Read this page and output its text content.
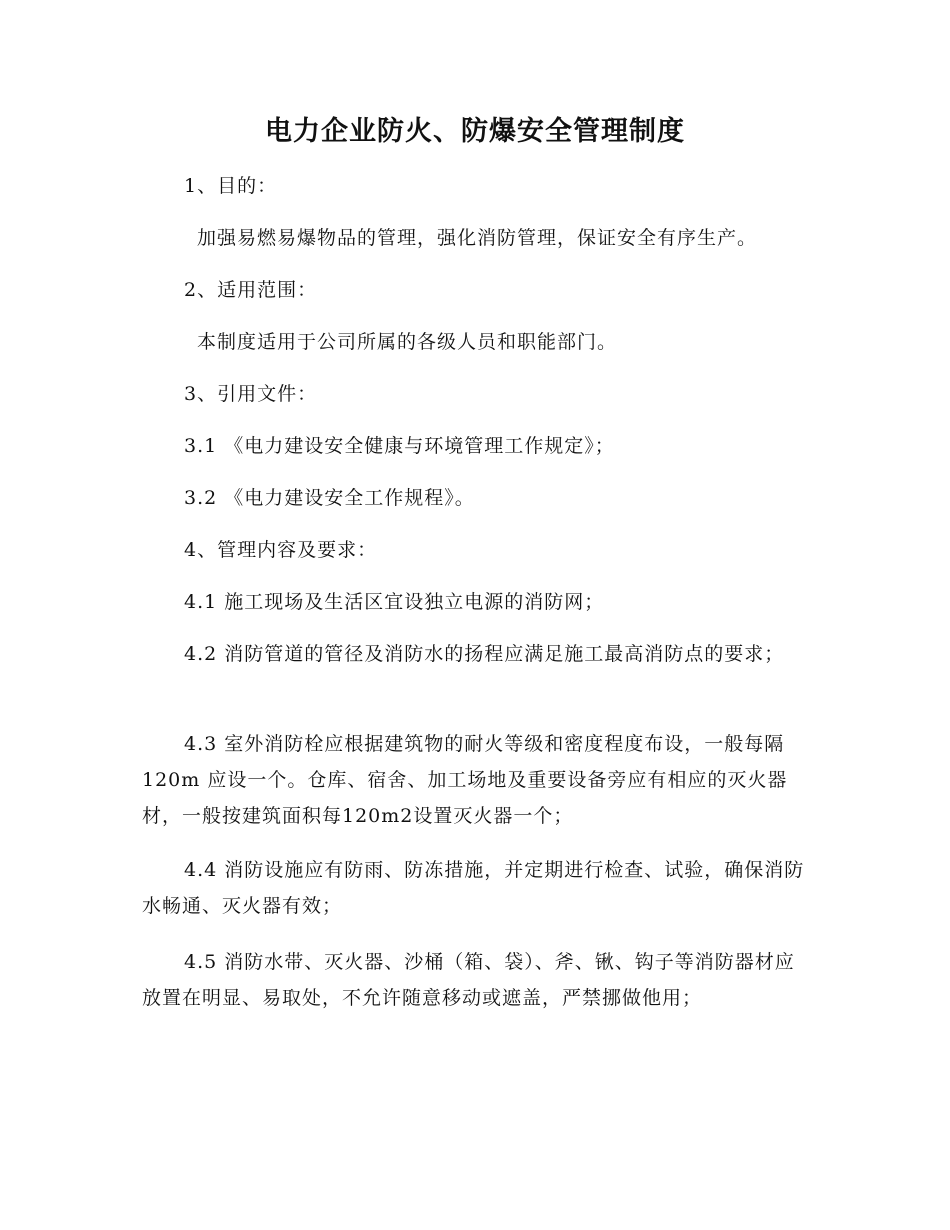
电力企业防火、防爆安全管理制度

1、目的：

加强易燃易爆物品的管理，强化消防管理，保证安全有序生产。

2、适用范围：

本制度适用于公司所属的各级人员和职能部门。

3、引用文件：

3.1 《电力建设安全健康与环境管理工作规定》；

3.2 《电力建设安全工作规程》。

4、管理内容及要求：

4.1 施工现场及生活区宜设独立电源的消防网；

4.2 消防管道的管径及消防水的扬程应满足施工最高消防点的要求；

4.3 室外消防栓应根据建筑物的耐火等级和密度程度布设，一般每隔120m 应设一个。仓库、宿舍、加工场地及重要设备旁应有相应的灭火器材，一般按建筑面积每120m2设置灭火器一个；

4.4 消防设施应有防雨、防冻措施，并定期进行检查、试验，确保消防水畅通、灭火器有效；

4.5 消防水带、灭火器、沙桶（箱、袋）、斧、锹、钩子等消防器材应放置在明显、易取处，不允许随意移动或遮盖，严禁挪做他用；
